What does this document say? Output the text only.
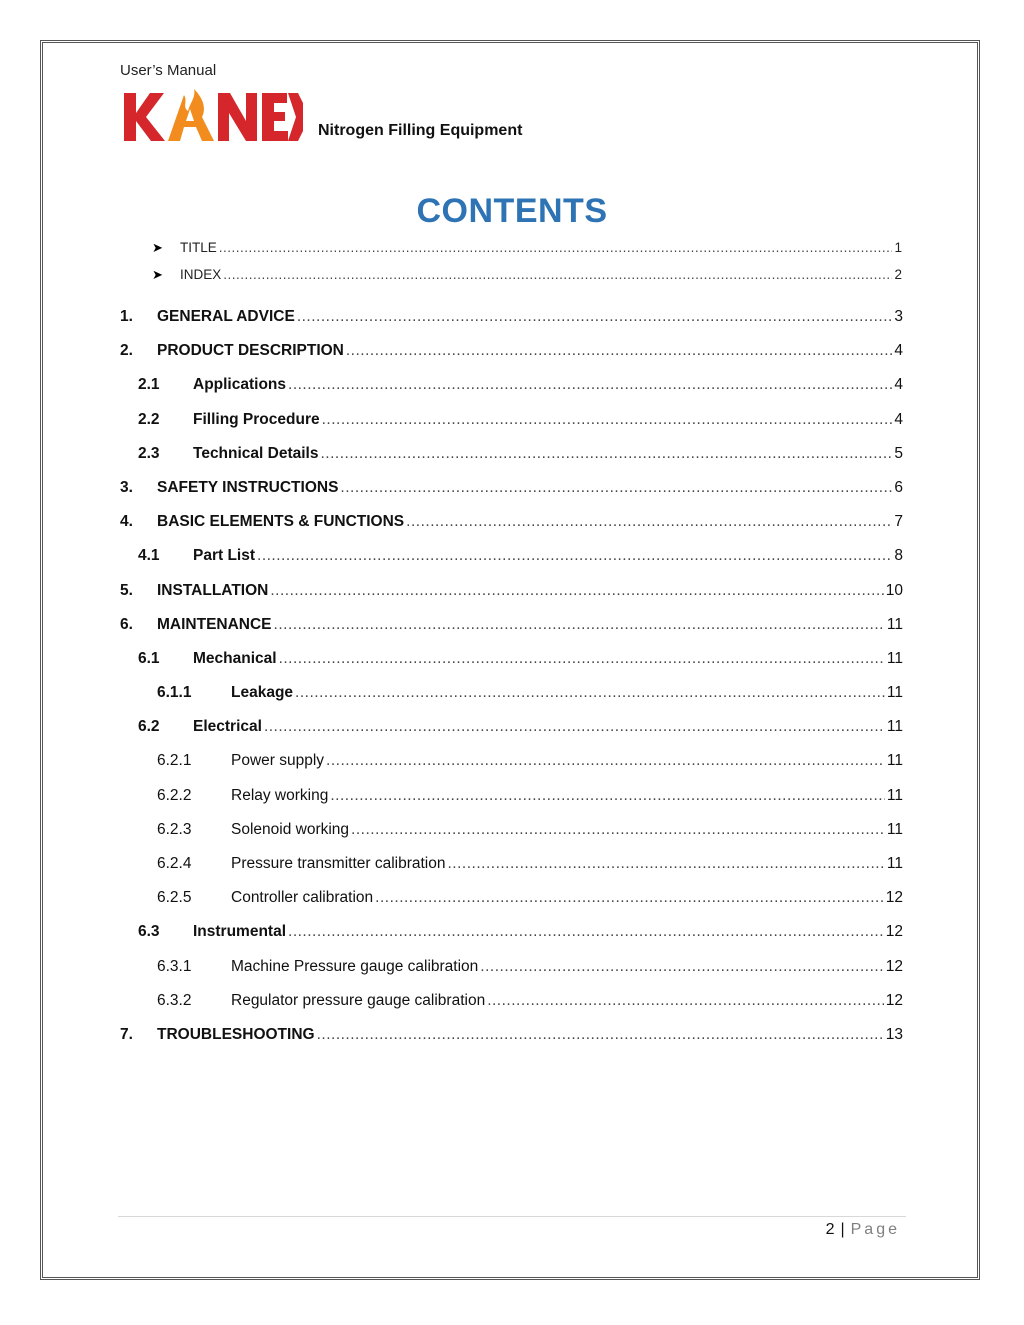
User’s Manual
Nitrogen Filling Equipment
CONTENTS
➤	TITLE .....	1
➤	INDEX .....	2
1.	GENERAL ADVICE .....	3
2.	PRODUCT DESCRIPTION .....	4
2.1	Applications .....	4
2.2	Filling Procedure .....	4
2.3	Technical Details .....	5
3.	SAFETY INSTRUCTIONS .....	6
4.	BASIC ELEMENTS & FUNCTIONS .....	7
4.1	Part List .....	8
5.	INSTALLATION .....	10
6.	MAINTENANCE .....	11
6.1	Mechanical .....	11
6.1.1	Leakage .....	11
6.2	Electrical .....	11
6.2.1	Power supply .....	11
6.2.2	Relay working .....	11
6.2.3	Solenoid working .....	11
6.2.4	Pressure transmitter calibration .....	11
6.2.5	Controller calibration .....	12
6.3	Instrumental .....	12
6.3.1	Machine Pressure gauge calibration .....	12
6.3.2	Regulator pressure gauge calibration .....	12
7.	TROUBLESHOOTING .....	13
2 | Page
